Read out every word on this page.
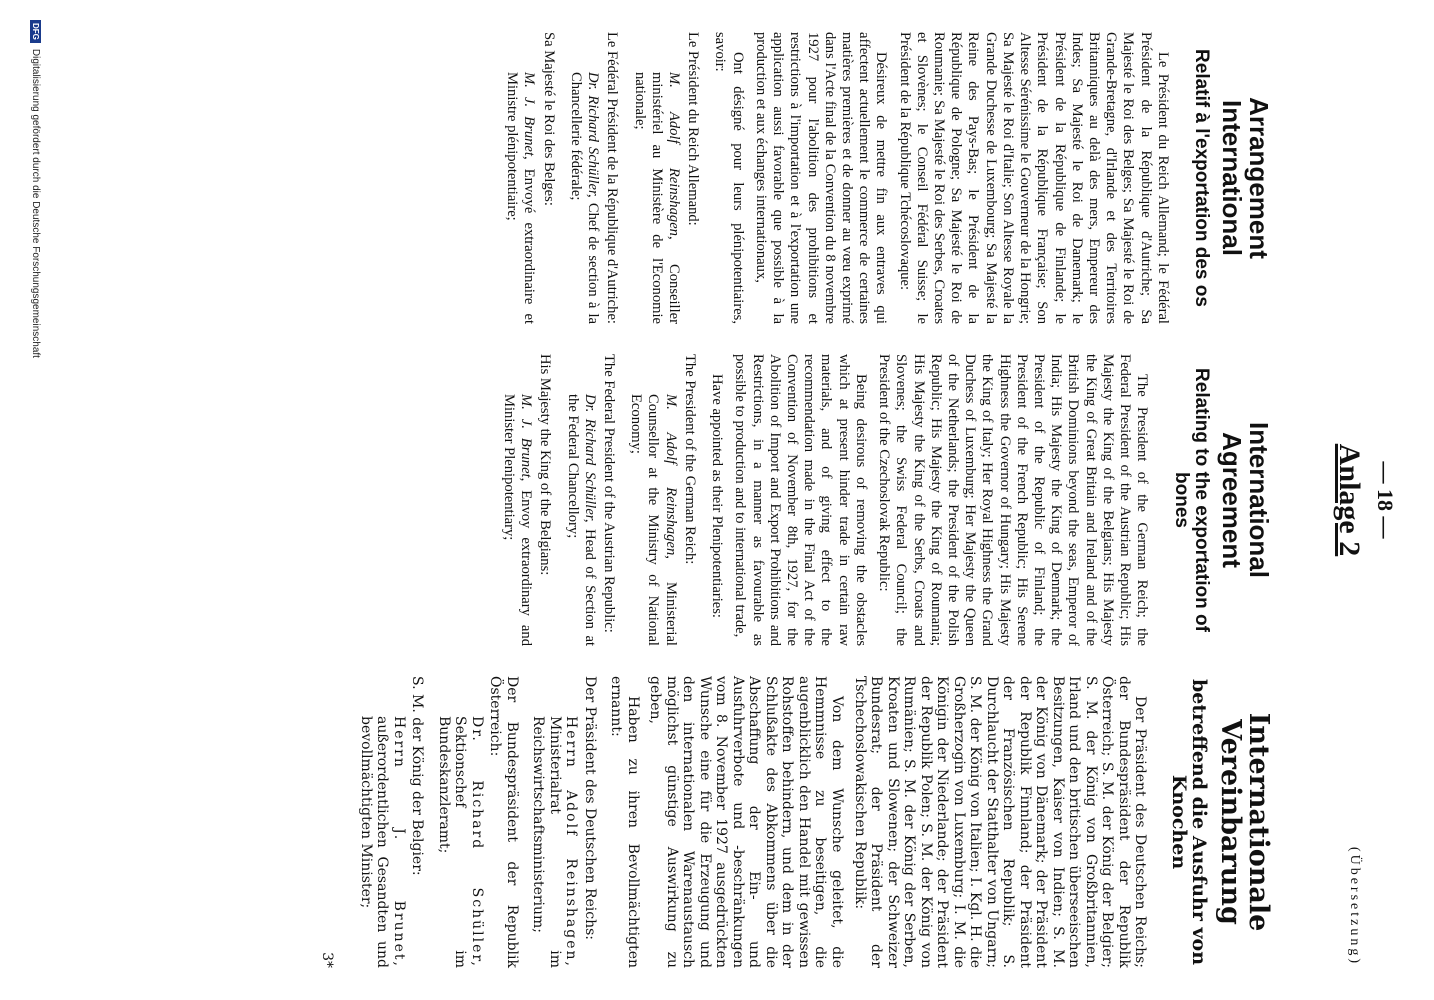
— 18 —
Anlage 2
(Übersetzung)
Arrangement International
Relatif à l'exportation des os

Le Président du Reich Allemand; le Fédéral Président de la République d'Autriche; Sa Majesté le Roi des Belges; Sa Majesté le Roi de Grande-Bretagne, d'Irlande et des Territoires Britanniques au delà des mers, Empereur des Indes; Sa Majesté le Roi de Danemark; le Président de la République de Finlande; le Président de la République Française; Son Altesse Sérénissime le Gouverneur de la Hongrie; Sa Majesté le Roi d'Italie; Son Altesse Royale la Grande Duchesse de Luxembourg; Sa Majesté la Reine des Pays-Bas; le Président de la République de Pologne; Sa Majesté le Roi de Roumanie; Sa Majesté le Roi des Serbes, Croates et Slovènes; le Conseil Fédéral Suisse; le Président de la République Tchécoslovaque:

Désireux de mettre fin aux entraves qui affectent actuellement le commerce de certaines matières premières et de donner au vœu exprimé dans l'Acte final de la Convention du 8 novembre 1927 pour l'abolition des prohibitions et restrictions à l'importation et à l'exportation une application aussi favorable que possible à la production et aux échanges internationaux,

Ont désigné pour leurs plénipotentiaires, savoir:

Le Président du Reich Allemand:

M. Adolf Reinshagen, Conseiller ministériel au Ministère de l'Economie nationale;

Le Fédéral Président de la République d'Autriche:

Dr. Richard Schüller, Chef de section à la Chancellerie fédérale;

Sa Majesté le Roi des Belges:

M. J. Brunet, Envoyé extraordinaire et Ministre plénipotentiaire;
International Agreement
Relating to the exportation of bones

The President of the German Reich; the Federal President of the Austrian Republic; His Majesty the King of the Belgians; His Majesty the King of Great Britain and Ireland and of the British Dominions beyond the seas, Emperor of India; His Majesty the King of Denmark; the President of the Republic of Finland; the President of the French Republic; His Serene Highness the Governor of Hungary; His Majesty the King of Italy; Her Royal Highness the Grand Duchess of Luxemburg; Her Majesty the Queen of the Netherlands; the President of the Polish Republic; His Majesty the King of Roumania; His Majesty the King of the Serbs, Croats and Slovenes; the Swiss Federal Council; the President of the Czechoslovak Republic:

Being desirous of removing the obstacles which at present hinder trade in certain raw materials, and of giving effect to the recommendation made in the Final Act of the Convention of November 8th, 1927, for the Abolition of Import and Export Prohibitions and Restrictions, in a manner as favourable as possible to production and to international trade,

Have appointed as their Plenipotentiaries:

The President of the German Reich:

M. Adolf Reinshagen, Ministerial Counsellor at the Ministry of National Economy;

The Federal President of the Austrian Republic:

Dr. Richard Schüller, Head of Section at the Federal Chancellory;

His Majesty the King of the Belgians:

M. J. Brunet, Envoy extraordinary and Minister Plenipotentiary;
Internationale Vereinbarung
betreffend die Ausfuhr von Knochen

Der Präsident des Deutschen Reichs; der Bundespräsident der Republik Österreich; S. M. der König der Belgier; S. M. der König von Großbritannien, Irland und den britischen überseeischen Besitzungen, Kaiser von Indien; S. M. der König von Dänemark; der Präsident der Republik Finnland; der Präsident der Französischen Republik; S. Durchlaucht der Statthalter von Ungarn; S. M. der König von Italien; I. Kgl. H. die Großherzogin von Luxemburg; I. M. die Königin der Niederlande; der Präsident der Republik Polen; S. M. der König von Rumänien; S. M. der König der Serben, Kroaten und Slowenen; der Schweizer Bundesrat; der Präsident der Tschechoslowakischen Republik:

Von dem Wunsche geleitet, die Hemmnisse zu beseitigen, die augenblicklich den Handel mit gewissen Rohstoffen behindern, und dem in der Schlußakte des Abkommens über die Abschaffung der Ein- und Ausfuhrverbote und -beschränkungen vom 8. November 1927 ausgedrückten Wunsche eine für die Erzeugung und den internationalen Warenaustausch möglichst günstige Auswirkung zu geben,

Haben zu ihren Bevollmächtigten ernannt:

Der Präsident des Deutschen Reichs:

Herrn Adolf Reinshagen, Ministerialrat im Reichswirtschaftsministerium;

Der Bundespräsident der Republik Österreich:

Dr. Richard Schüller, Sektionschef im Bundeskanzleramt;

S. M. der König der Belgier:

Herrn J. Brunet, außerordentlichen Gesandten und bevollmächtigten Minister;
3*
DFG
Digitalisierung gefördert durch die Deutsche Forschungsgemeinschaft
